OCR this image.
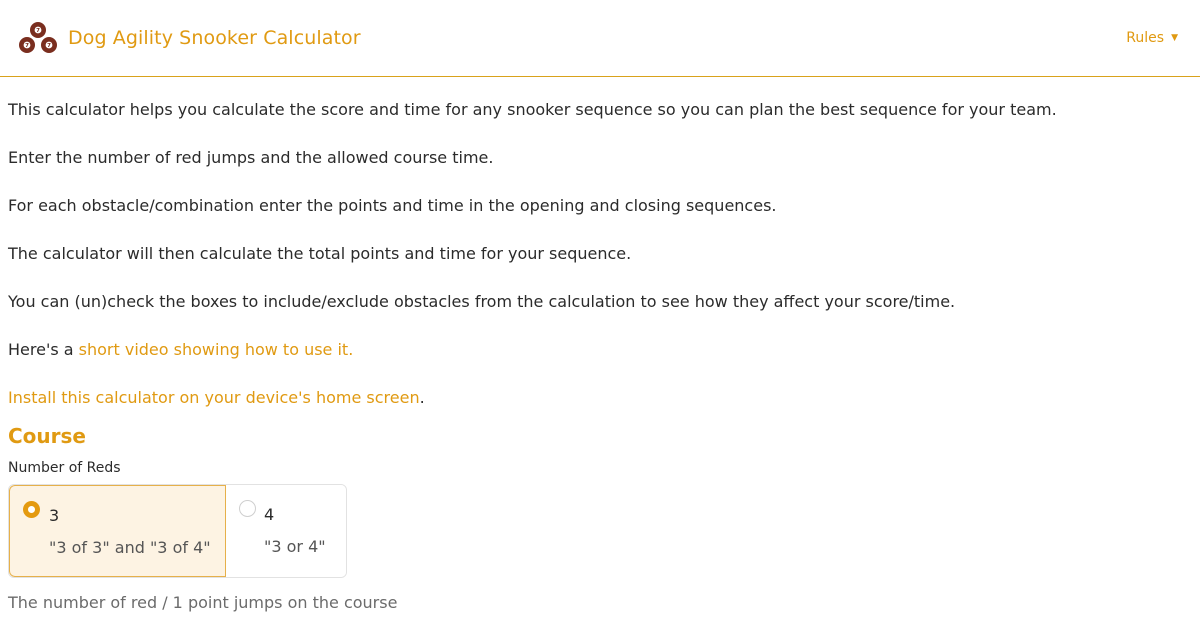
7
7	7 Dog Agility Snooker Calculator	Rules ▼

This calculator helps you calculate the score and time for any snooker sequence so you can plan the best sequence for your team.

Enter the number of red jumps and the allowed course time.

For each obstacle/combination enter the points and time in the opening and closing sequences.

The calculator will then calculate the total points and time for your sequence.

You can (un)check the boxes to include/exclude obstacles from the calculation to see how they affect your score/time.

Here's a short video showing how to use it.

Install this calculator on your device's home screen.

Course
Number of Reds
3
"3 of 3" and "3 of 4"
4
"3 or 4"
The number of red / 1 point jumps on the course
